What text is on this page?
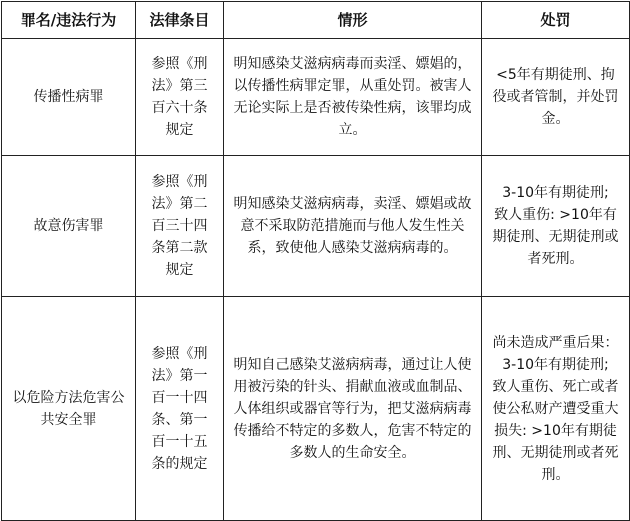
罪名/违法行为	法律条目	情形	处罚
传播性病罪	参照《刑法》第三百六十条规定	明知感染艾滋病病毒而卖淫、嫖娼的，以传播性病罪定罪，从重处罚。被害人无论实际上是否被传染性病，该罪均成立。	<5年有期徒刑、拘役或者管制，并处罚金。

故意伤害罪	参照《刑法》第二百三十四条第二款规定	明知感染艾滋病病毒，卖淫、嫖娼或故意不采取防范措施而与他人发生性关系，致使他人感染艾滋病病毒的。	3-10年有期徒刑;
致人重伤: >10年有期徒刑、无期徒刑或者死刑。

以危险方法危害公共安全罪	参照《刑法》第一百一十四条、第一百一十五条的规定	明知自己感染艾滋病病毒，通过让人使用被污染的针头、捐献血液或血制品、人体组织或器官等行为，把艾滋病病毒传播给不特定的多数人，危害不特定的多数人的生命安全。	尚未造成严重后果：3-10年有期徒刑;
致人重伤、死亡或者使公私财产遭受重大损失: >10年有期徒刑、无期徒刑或者死刑。
